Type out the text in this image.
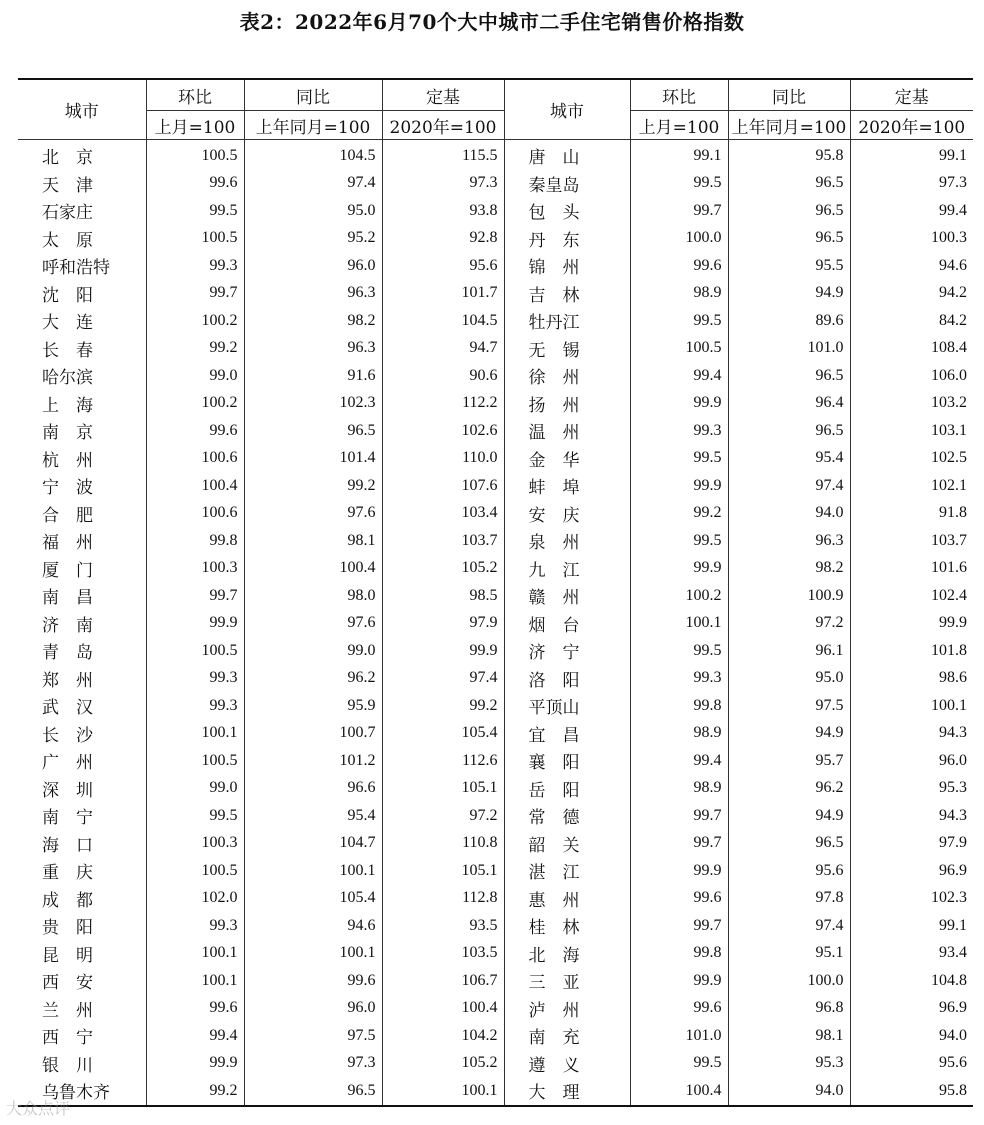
表2：2022年6月70个大中城市二手住宅销售价格指数
城市	环比	同比	定基	城市	环比	同比	定基
	上月=100	上年同月=100	2020年=100		上月=100	上年同月=100	2020年=100
北　京	100.5	104.5	115.5	唐　山	99.1	95.8	99.1
天　津	99.6	97.4	97.3	秦皇岛	99.5	96.5	97.3
石家庄	99.5	95.0	93.8	包　头	99.7	96.5	99.4
太　原	100.5	95.2	92.8	丹　东	100.0	96.5	100.3
呼和浩特	99.3	96.0	95.6	锦　州	99.6	95.5	94.6
沈　阳	99.7	96.3	101.7	吉　林	98.9	94.9	94.2
大　连	100.2	98.2	104.5	牡丹江	99.5	89.6	84.2
长　春	99.2	96.3	94.7	无　锡	100.5	101.0	108.4
哈尔滨	99.0	91.6	90.6	徐　州	99.4	96.5	106.0
上　海	100.2	102.3	112.2	扬　州	99.9	96.4	103.2
南　京	99.6	96.5	102.6	温　州	99.3	96.5	103.1
杭　州	100.6	101.4	110.0	金　华	99.5	95.4	102.5
宁　波	100.4	99.2	107.6	蚌　埠	99.9	97.4	102.1
合　肥	100.6	97.6	103.4	安　庆	99.2	94.0	91.8
福　州	99.8	98.1	103.7	泉　州	99.5	96.3	103.7
厦　门	100.3	100.4	105.2	九　江	99.9	98.2	101.6
南　昌	99.7	98.0	98.5	赣　州	100.2	100.9	102.4
济　南	99.9	97.6	97.9	烟　台	100.1	97.2	99.9
青　岛	100.5	99.0	99.9	济　宁	99.5	96.1	101.8
郑　州	99.3	96.2	97.4	洛　阳	99.3	95.0	98.6
武　汉	99.3	95.9	99.2	平顶山	99.8	97.5	100.1
长　沙	100.1	100.7	105.4	宜　昌	98.9	94.9	94.3
广　州	100.5	101.2	112.6	襄　阳	99.4	95.7	96.0
深　圳	99.0	96.6	105.1	岳　阳	98.9	96.2	95.3
南　宁	99.5	95.4	97.2	常　德	99.7	94.9	94.3
海　口	100.3	104.7	110.8	韶　关	99.7	96.5	97.9
重　庆	100.5	100.1	105.1	湛　江	99.9	95.6	96.9
成　都	102.0	105.4	112.8	惠　州	99.6	97.8	102.3
贵　阳	99.3	94.6	93.5	桂　林	99.7	97.4	99.1
昆　明	100.1	100.1	103.5	北　海	99.8	95.1	93.4
西　安	100.1	99.6	106.7	三　亚	99.9	100.0	104.8
兰　州	99.6	96.0	100.4	泸　州	99.6	96.8	96.9
西　宁	99.4	97.5	104.2	南　充	101.0	98.1	94.0
银　川	99.9	97.3	105.2	遵　义	99.5	95.3	95.6
乌鲁木齐	99.2	96.5	100.1	大　理	100.4	94.0	95.8
大众点评
